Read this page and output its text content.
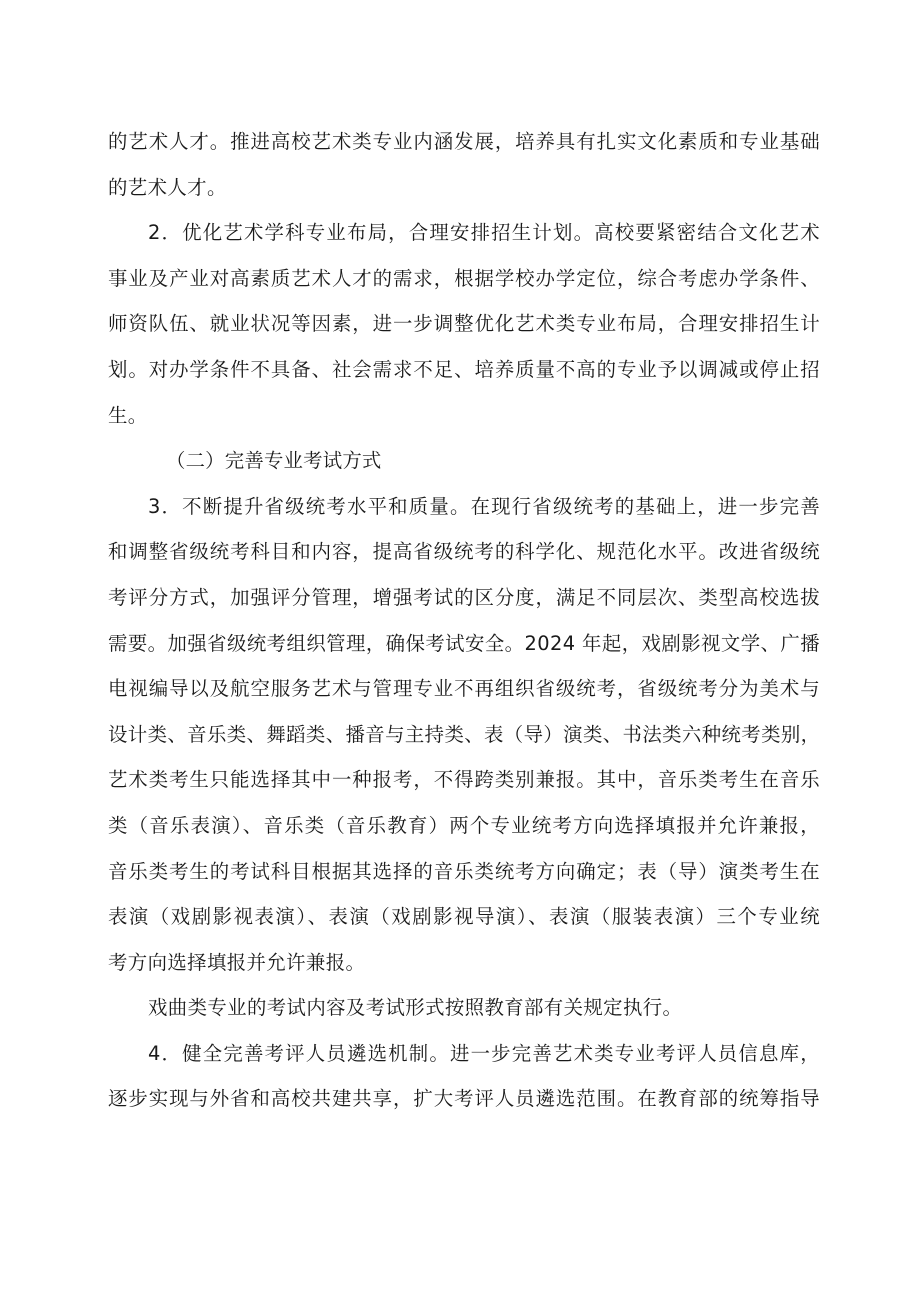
的艺术人才。推进高校艺术类专业内涵发展，培养具有扎实文化素质和专业基础
的艺术人才。
2．优化艺术学科专业布局，合理安排招生计划。高校要紧密结合文化艺术
事业及产业对高素质艺术人才的需求，根据学校办学定位，综合考虑办学条件、
师资队伍、就业状况等因素，进一步调整优化艺术类专业布局，合理安排招生计
划。对办学条件不具备、社会需求不足、培养质量不高的专业予以调减或停止招
生。
（二）完善专业考试方式
3．不断提升省级统考水平和质量。在现行省级统考的基础上，进一步完善
和调整省级统考科目和内容，提高省级统考的科学化、规范化水平。改进省级统
考评分方式，加强评分管理，增强考试的区分度，满足不同层次、类型高校选拔
需要。加强省级统考组织管理，确保考试安全。2024 年起，戏剧影视文学、广播
电视编导以及航空服务艺术与管理专业不再组织省级统考，省级统考分为美术与
设计类、音乐类、舞蹈类、播音与主持类、表（导）演类、书法类六种统考类别，
艺术类考生只能选择其中一种报考，不得跨类别兼报。其中，音乐类考生在音乐
类（音乐表演）、音乐类（音乐教育）两个专业统考方向选择填报并允许兼报，
音乐类考生的考试科目根据其选择的音乐类统考方向确定；表（导）演类考生在
表演（戏剧影视表演）、表演（戏剧影视导演）、表演（服装表演）三个专业统
考方向选择填报并允许兼报。
戏曲类专业的考试内容及考试形式按照教育部有关规定执行。
4．健全完善考评人员遴选机制。进一步完善艺术类专业考评人员信息库，
逐步实现与外省和高校共建共享，扩大考评人员遴选范围。在教育部的统筹指导
